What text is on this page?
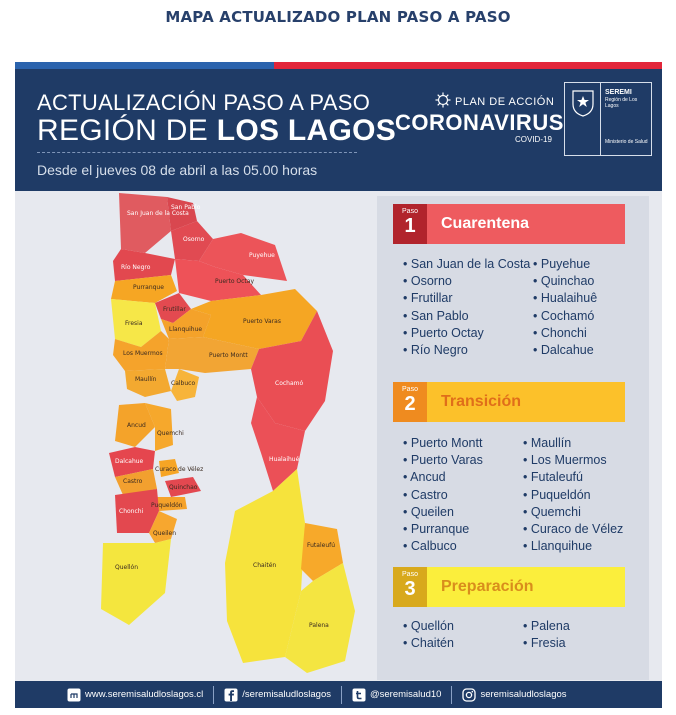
MAPA ACTUALIZADO PLAN PASO A PASO
ACTUALIZACIÓN PASO A PASO
REGIÓN DE LOS LAGOS
Desde el jueves 08 de abril a las 05.00 horas
PLAN DE ACCIÓN
CORONAVIRUS
COVID-19
SEREMI
Región de Los Lagos
Ministerio de Salud
San Juan de la Costa
San Pablo
Osorno
Río Negro
Puyehue
Purranque
Puerto Octay
Frutillar
Fresia
Llanquihue
Puerto Varas
Los Muermos	Puerto Montt
Maullín
Calbuco	Cochamó
Ancud
Quemchi
Dalcahue
Curaco de Vélez
Castro
Quinchao
Puqueldón
Chonchi
Queilen
Hualaihué
Quellón	Chaitén
Futaleufú
Palena
Paso
1	Cuarentena
• San Juan de la Costa
• Osorno
• Frutillar
• San Pablo
• Puerto Octay
• Río Negro
• Puyehue
• Quinchao
• Hualaihuê
• Cochamó
• Chonchi
• Dalcahue
Paso
2	Transición
• Puerto Montt
• Puerto Varas
• Ancud
• Castro
• Queilen
• Purranque
• Calbuco
• Maullín
• Los Muermos
• Futaleufú
• Puqueldón
• Quemchi
• Curaco de Vélez
• Llanquihue
Paso
3	Preparación
• Quellón
• Chaitén
• Palena
• Fresia
www.seremisaludloslagos.cl	/seremisaludloslagos	@seremisalud10	seremisaludloslagos
